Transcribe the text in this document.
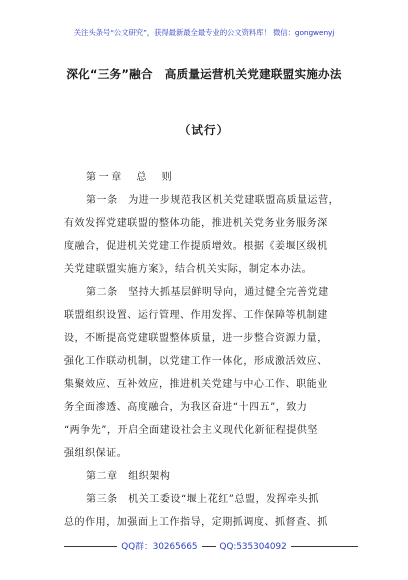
关注头条号“公文研究”，获得最新最全最专业的公文资料库！ 微信：gongwenyj
深化“三务”融合 高质量运营机关党建联盟实施办法
（试行）
第一章　总　则
第一条　为进一步规范我区机关党建联盟高质量运营，
有效发挥党建联盟的整体功能，推进机关党务业务服务深
度融合，促进机关党建工作提质增效。根据《姜堰区级机
关党建联盟实施方案》，结合机关实际，制定本办法。
第二条　坚持大抓基层鲜明导向，通过健全完善党建
联盟组织设置、运行管理、作用发挥、工作保障等机制建
设，不断提高党建联盟整体质量，进一步整合资源力量，
强化工作联动机制，以党建工作一体化，形成激活效应、
集聚效应、互补效应，推进机关党建与中心工作、职能业
务全面渗透、高度融合，为我区奋进“十四五”，致力
“两争先”，开启全面建设社会主义现代化新征程提供坚
强组织保证。
第二章　组织架构
第三条　机关工委设“堰上花红”总盟，发挥牵头抓
总的作用，加强面上工作指导，定期抓调度、抓督查、抓
QQ群：30265665	QQ:535304092
